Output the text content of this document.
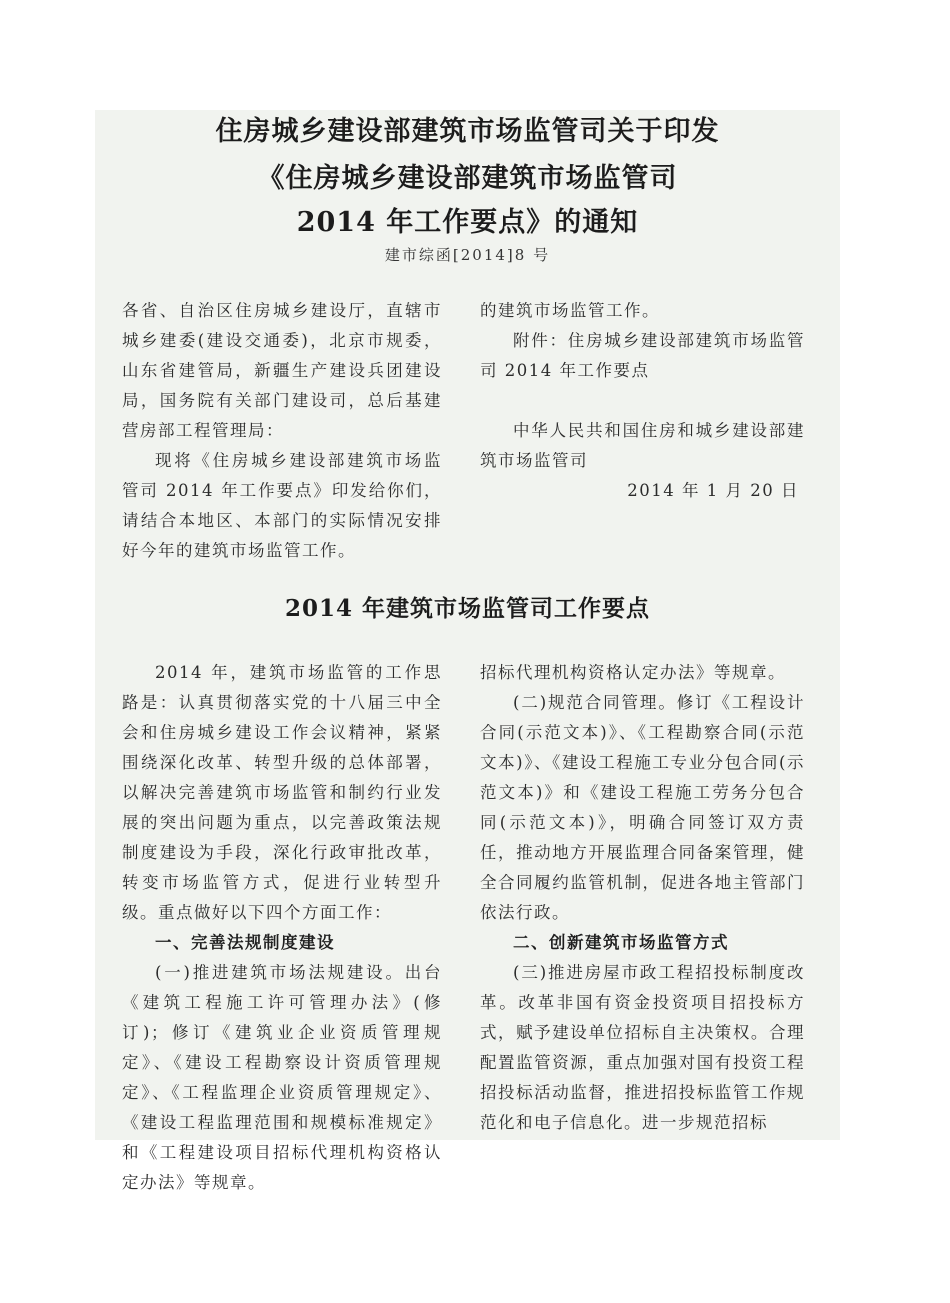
住房城乡建设部建筑市场监管司关于印发
《住房城乡建设部建筑市场监管司
2014 年工作要点》的通知
建市综函[2014]8 号

各省、自治区住房城乡建设厅，直辖市城乡建委(建设交通委)，北京市规委，山东省建管局，新疆生产建设兵团建设局，国务院有关部门建设司，总后基建营房部工程管理局：

现将《住房城乡建设部建筑市场监管司 2014 年工作要点》印发给你们，请结合本地区、本部门的实际情况安排好今年的建筑市场监管工作。

的建筑市场监管工作。

附件：住房城乡建设部建筑市场监管司 2014 年工作要点

中华人民共和国住房和城乡建设部建筑市场监管司

2014 年 1 月 20 日

2014 年建筑市场监管司工作要点

2014 年，建筑市场监管的工作思路是：认真贯彻落实党的十八届三中全会和住房城乡建设工作会议精神，紧紧围绕深化改革、转型升级的总体部署，以解决完善建筑市场监管和制约行业发展的突出问题为重点，以完善政策法规制度建设为手段，深化行政审批改革，转变市场监管方式，促进行业转型升级。重点做好以下四个方面工作：

一、完善法规制度建设

(一)推进建筑市场法规建设。出台《建筑工程施工许可管理办法》(修订)；修订《建筑业企业资质管理规定》、《建设工程勘察设计资质管理规定》、《工程监理企业资质管理规定》、《建设工程监理范围和规模标准规定》和《工程建设项目招标代理机构资格认定办法》等规章。

招标代理机构资格认定办法》等规章。

(二)规范合同管理。修订《工程设计合同(示范文本)》、《工程勘察合同(示范文本)》、《建设工程施工专业分包合同(示范文本)》和《建设工程施工劳务分包合同(示范文本)》，明确合同签订双方责任，推动地方开展监理合同备案管理，健全合同履约监管机制，促进各地主管部门依法行政。

二、创新建筑市场监管方式

(三)推进房屋市政工程招投标制度改革。改革非国有资金投资项目招投标方式，赋予建设单位招标自主决策权。合理配置监管资源，重点加强对国有投资工程招投标活动监督，推进招投标监管工作规范化和电子信息化。进一步规范招标
